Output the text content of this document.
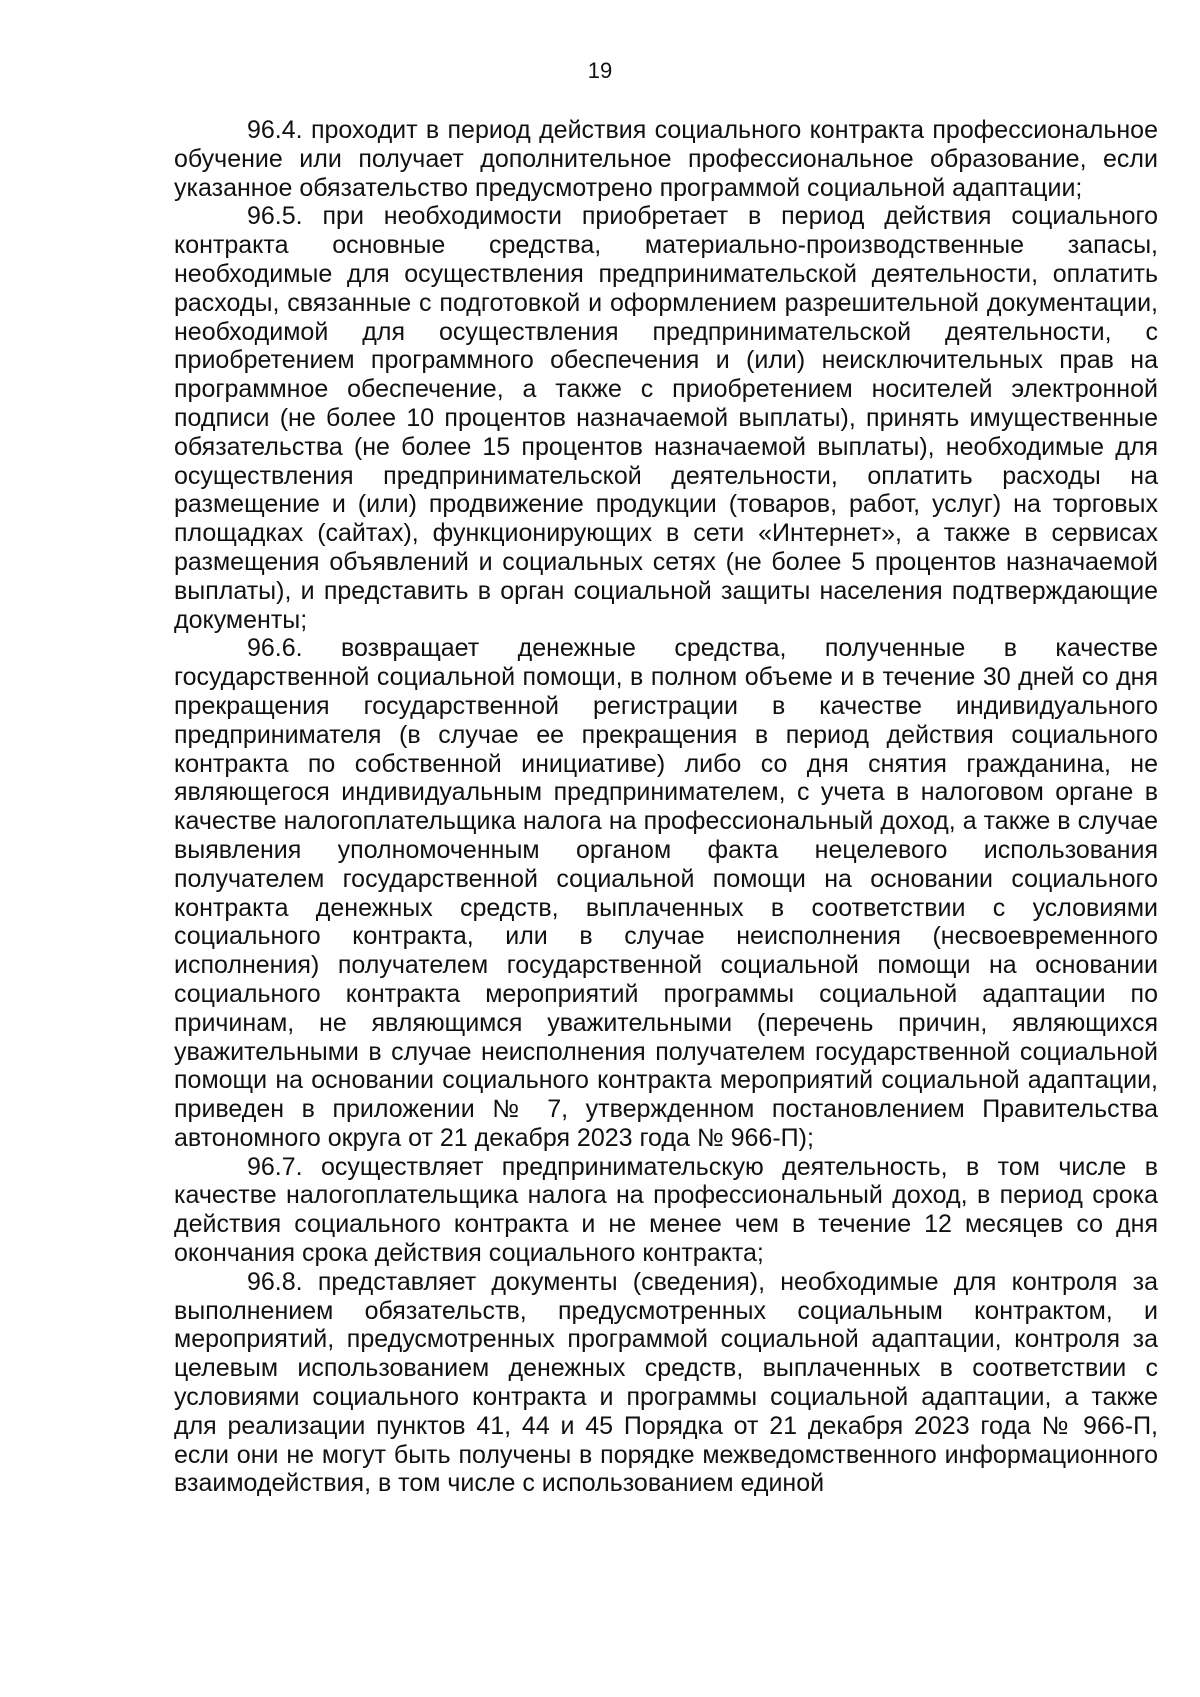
19

96.4. проходит в период действия социального контракта профессиональное обучение или получает дополнительное профессиональное образование, если указанное обязательство предусмотрено программой социальной адаптации;

96.5. при необходимости приобретает в период действия социального контракта основные средства, материально-производственные запасы, необходимые для осуществления предпринимательской деятельности, оплатить расходы, связанные с подготовкой и оформлением разрешительной документации, необходимой для осуществления предпринимательской деятельности, с приобретением программного обеспечения и (или) неисключительных прав на программное обеспечение, а также с приобретением носителей электронной подписи (не более 10 процентов назначаемой выплаты), принять имущественные обязательства (не более 15 процентов назначаемой выплаты), необходимые для осуществления предпринимательской деятельности, оплатить расходы на размещение и (или) продвижение продукции (товаров, работ, услуг) на торговых площадках (сайтах), функционирующих в сети «Интернет», а также в сервисах размещения объявлений и социальных сетях (не более 5 процентов назначаемой выплаты), и представить в орган социальной защиты населения подтверждающие документы;

96.6. возвращает денежные средства, полученные в качестве государственной социальной помощи, в полном объеме и в течение 30 дней со дня прекращения государственной регистрации в качестве индивидуального предпринимателя (в случае ее прекращения в период действия социального контракта по собственной инициативе) либо со дня снятия гражданина, не являющегося индивидуальным предпринимателем, с учета в налоговом органе в качестве налогоплательщика налога на профессиональный доход, а также в случае выявления уполномоченным органом факта нецелевого использования получателем государственной социальной помощи на основании социального контракта денежных средств, выплаченных в соответствии с условиями социального контракта, или в случае неисполнения (несвоевременного исполнения) получателем государственной социальной помощи на основании социального контракта мероприятий программы социальной адаптации по причинам, не являющимся уважительными (перечень причин, являющихся уважительными в случае неисполнения получателем государственной социальной помощи на основании социального контракта мероприятий социальной адаптации, приведен в приложении № 7, утвержденном постановлением Правительства автономного округа от 21 декабря 2023 года № 966-П);

96.7. осуществляет предпринимательскую деятельность, в том числе в качестве налогоплательщика налога на профессиональный доход, в период срока действия социального контракта и не менее чем в течение 12 месяцев со дня окончания срока действия социального контракта;

96.8. представляет документы (сведения), необходимые для контроля за выполнением обязательств, предусмотренных социальным контрактом, и мероприятий, предусмотренных программой социальной адаптации, контроля за целевым использованием денежных средств, выплаченных в соответствии с условиями социального контракта и программы социальной адаптации, а также для реализации пунктов 41, 44 и 45 Порядка от 21 декабря 2023 года № 966-П, если они не могут быть получены в порядке межведомственного информационного взаимодействия, в том числе с использованием единой
